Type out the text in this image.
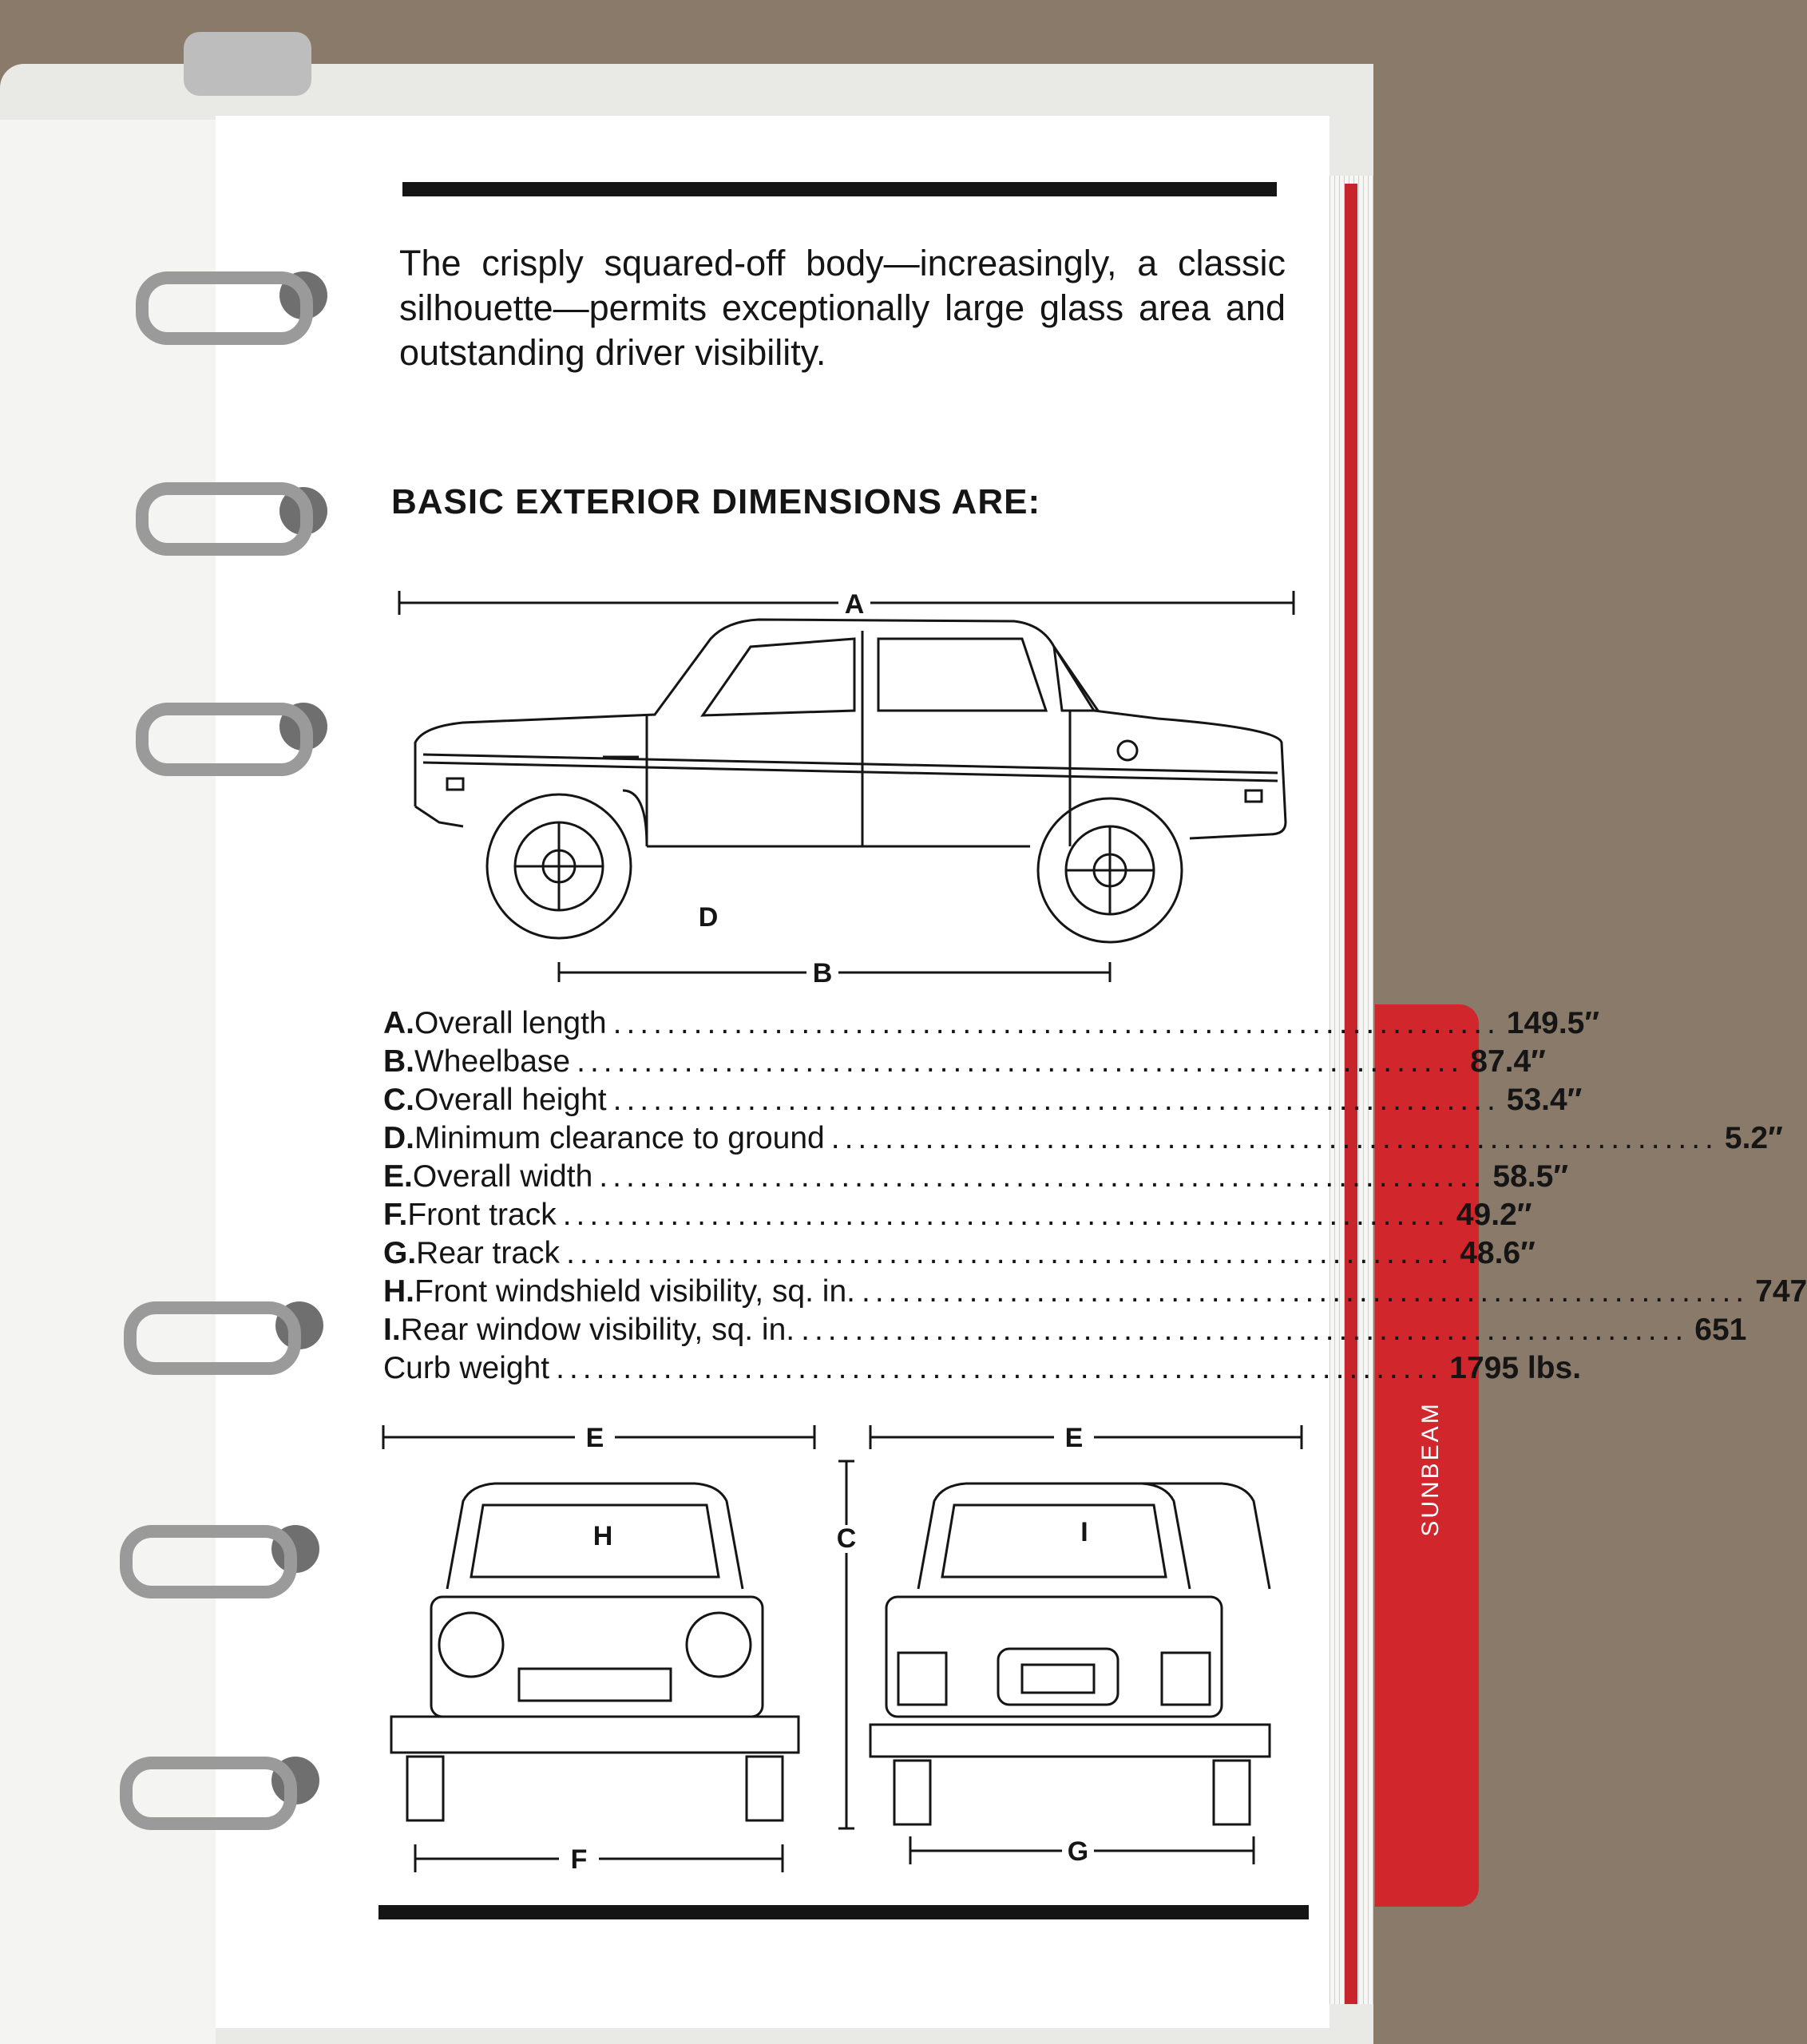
SUNBEAM
The crisply squared-off body—increasingly, a classic silhouette—permits exceptionally large glass area and outstanding driver visibility.
BASIC EXTERIOR DIMENSIONS ARE:
A
D
B
A. Overall length .................................................................. 149.5″
B. Wheelbase .................................................................. 87.4″
C. Overall height .................................................................. 53.4″
D. Minimum clearance to ground .................................................................. 5.2″
E. Overall width .................................................................. 58.5″
F. Front track .................................................................. 49.2″
G. Rear track .................................................................. 48.6″
H. Front windshield visibility, sq. in. .................................................................. 747
I. Rear window visibility, sq. in. .................................................................. 651
Curb weight .................................................................. 1795 lbs.
E	E
C
H	I
F	G
